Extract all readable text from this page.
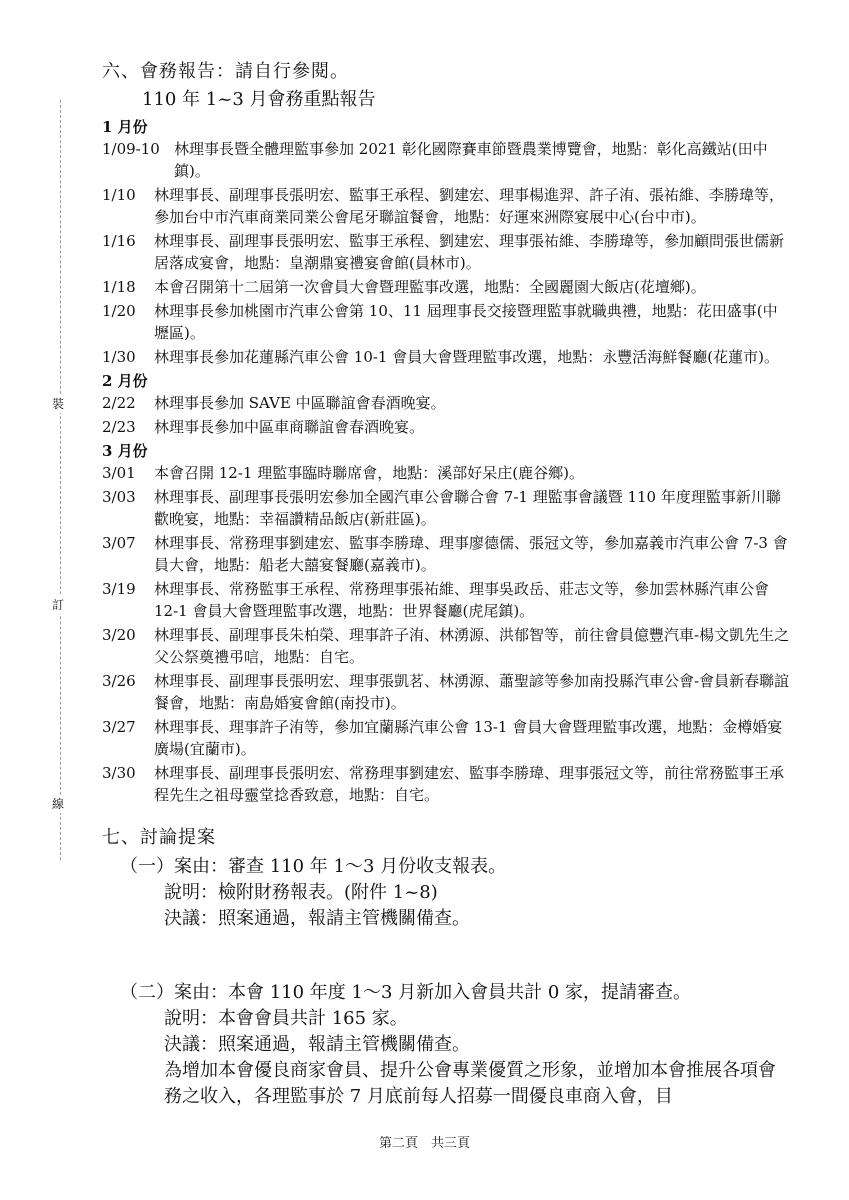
裝
訂
線
六、會務報告：請自行參閱。
110 年 1~3 月會務重點報告
1 月份
1/09-10 林理事長暨全體理監事參加 2021 彰化國際賽車節暨農業博覽會，地點：彰化高鐵站(田中鎮)。
1/10	林理事長、副理事長張明宏、監事王承程、劉建宏、理事楊進羿、許子洧、張祐維、李勝瑋等，參加台中市汽車商業同業公會尾牙聯誼餐會，地點：好運來洲際宴展中心(台中市)。
1/16	林理事長、副理事長張明宏、監事王承程、劉建宏、理事張祐維、李勝瑋等，參加顧問張世儒新居落成宴會，地點：皇潮鼎宴禮宴會館(員林市)。
1/18	本會召開第十二屆第一次會員大會暨理監事改選，地點：全國麗園大飯店(花壇鄉)。
1/20	林理事長參加桃園市汽車公會第 10、11 屆理事長交接暨理監事就職典禮，地點：花田盛事(中壢區)。
1/30	林理事長參加花蓮縣汽車公會 10-1 會員大會暨理監事改選，地點：永豐活海鮮餐廳(花蓮市)。
2 月份
2/22	林理事長參加 SAVE 中區聯誼會春酒晚宴。
2/23	林理事長參加中區車商聯誼會春酒晚宴。
3 月份
3/01	本會召開 12-1 理監事臨時聯席會，地點：溪部好呆庄(鹿谷鄉)。
3/03	林理事長、副理事長張明宏參加全國汽車公會聯合會 7-1 理監事會議暨 110 年度理監事新川聯歡晚宴，地點：幸福讚精品飯店(新莊區)。
3/07	林理事長、常務理事劉建宏、監事李勝瑋、理事廖德儒、張冠文等，參加嘉義市汽車公會 7-3 會員大會，地點：船老大囍宴餐廳(嘉義市)。
3/19	林理事長、常務監事王承程、常務理事張祐維、理事吳政岳、莊志文等，參加雲林縣汽車公會 12-1 會員大會暨理監事改選，地點：世界餐廳(虎尾鎮)。
3/20	林理事長、副理事長朱柏榮、理事許子洧、林湧源、洪郁智等，前往會員億豐汽車-楊文凱先生之父公祭奠禮弔唁，地點：自宅。
3/26	林理事長、副理事長張明宏、理事張凱茗、林湧源、蕭聖諺等參加南投縣汽車公會-會員新春聯誼餐會，地點：南島婚宴會館(南投市)。
3/27	林理事長、理事許子洧等，參加宜蘭縣汽車公會 13-1 會員大會暨理監事改選，地點：金樽婚宴廣場(宜蘭市)。
3/30	林理事長、副理事長張明宏、常務理事劉建宏、監事李勝瑋、理事張冠文等，前往常務監事王承程先生之祖母靈堂捻香致意，地點：自宅。
七、討論提案
（一）案由：審查 110 年 1～3 月份收支報表。
說明：檢附財務報表。(附件 1~8)
決議：照案通過，報請主管機關備查。
（二）案由：本會 110 年度 1～3 月新加入會員共計 0 家，提請審查。
說明：本會會員共計 165 家。
決議：照案通過，報請主管機關備查。
為增加本會優良商家會員、提升公會專業優質之形象，並增加本會推展各項會務之收入，各理監事於 7 月底前每人招募一間優良車商入會，目
第二頁　共三頁
